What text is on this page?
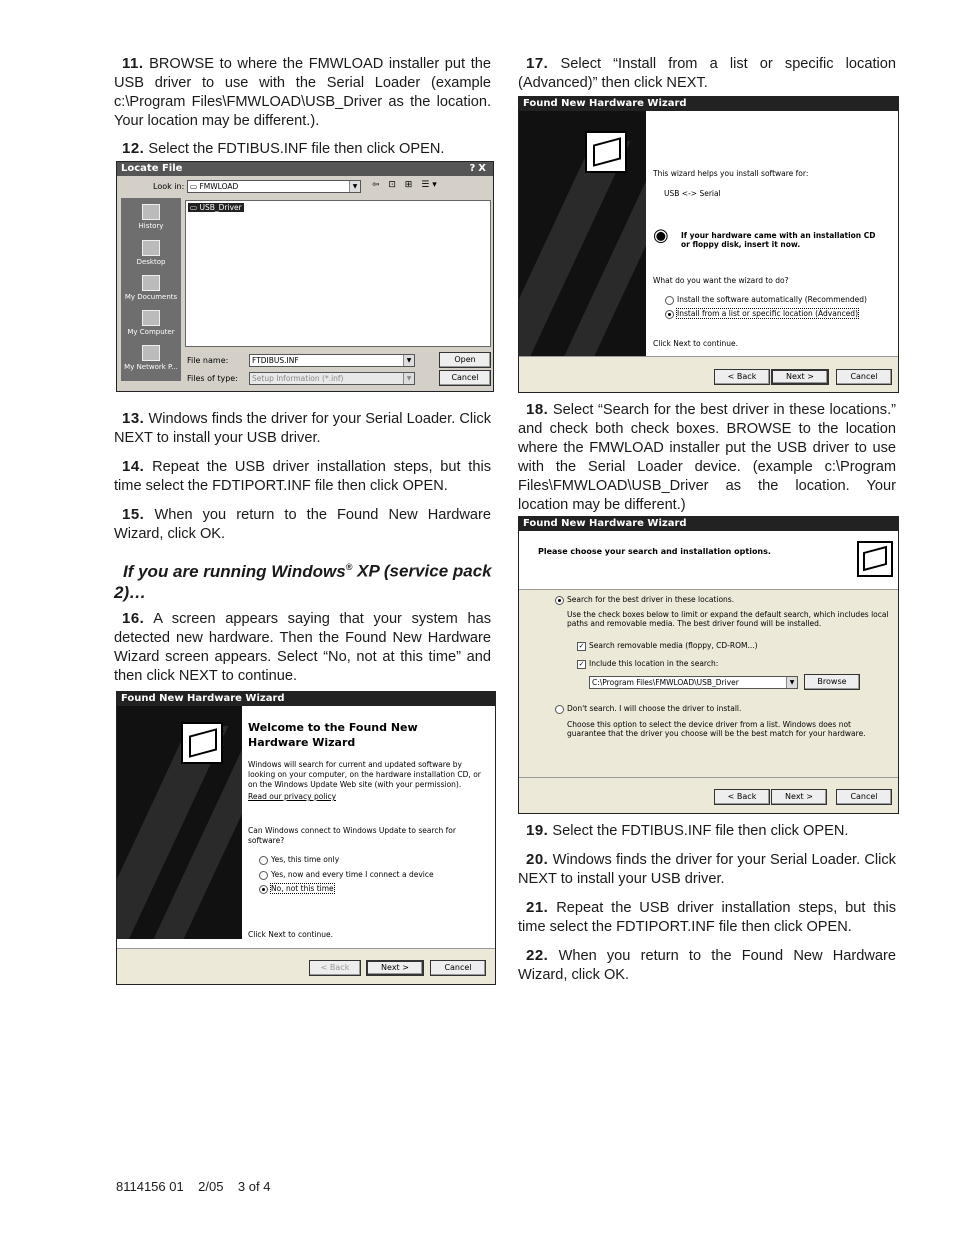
11. BROWSE to where the FMWLOAD installer put the USB driver to use with the Serial Loader (example c:\Program Files\FMWLOAD\USB_Driver as the location. Your location may be different.).

12. Select the FDTIBUS.INF file then click OPEN.

Locate File	?X
Look in: ▭ FMWLOAD	▼ ⇦ ⊡ ⊞ ☰▾
History
Desktop
My Documents
My Computer
My Network P...
▭ USB_Driver
File name:	FTDIBUS.INF	▼
Files of type:	Setup Information (*.inf)	▼
Open
Cancel

13. Windows finds the driver for your Serial Loader. Click NEXT to install your USB driver.

14. Repeat the USB driver installation steps, but this time select the FDTIPORT.INF file then click OPEN.

15. When you return to the Found New Hardware Wizard, click OK.

If you are running Windows® XP (service pack 2)…

16. A screen appears saying that your system has detected new hardware. Then the Found New Hardware Wizard screen appears. Select “No, not at this time” and then click NEXT to continue.

Found New Hardware Wizard
Welcome to the Found New Hardware Wizard
Windows will search for current and updated software by looking on your computer, on the hardware installation CD, or on the Windows Update Web site (with your permission).
Read our privacy policy
Can Windows connect to Windows Update to search for software?
Yes, this time only
Yes, now and every time I connect a device
No, not this time
Click Next to continue.
< Back	Next >	Cancel

17. Select “Install from a list or specific location (Advanced)” then click NEXT.

Found New Hardware Wizard
This wizard helps you install software for:
USB <-> Serial
◉ If your hardware came with an installation CD or floppy disk, insert it now.
What do you want the wizard to do?
Install the software automatically (Recommended)
Install from a list or specific location (Advanced)
Click Next to continue.
< Back	Next >	Cancel

18. Select “Search for the best driver in these locations.” and check both check boxes. BROWSE to the location where the FMWLOAD installer put the USB driver to use with the Serial Loader device. (example c:\Program Files\FMWLOAD\USB_Driver as the location. Your location may be different.)

Found New Hardware Wizard
Please choose your search and installation options.
Search for the best driver in these locations.
Use the check boxes below to limit or expand the default search, which includes local paths and removable media. The best driver found will be installed.
✓ Search removable media (floppy, CD-ROM...)
✓ Include this location in the search:
C:\Program Files\FMWLOAD\USB_Driver	▼	Browse
Don't search. I will choose the driver to install.
Choose this option to select the device driver from a list. Windows does not guarantee that the driver you choose will be the best match for your hardware.
< Back	Next >	Cancel

19. Select the FDTIBUS.INF file then click OPEN.

20. Windows finds the driver for your Serial Loader. Click NEXT to install your USB driver.

21. Repeat the USB driver installation steps, but this time select the FDTIPORT.INF file then click OPEN.

22. When you return to the Found New Hardware Wizard, click OK.

8114156 01    2/05    3 of 4
